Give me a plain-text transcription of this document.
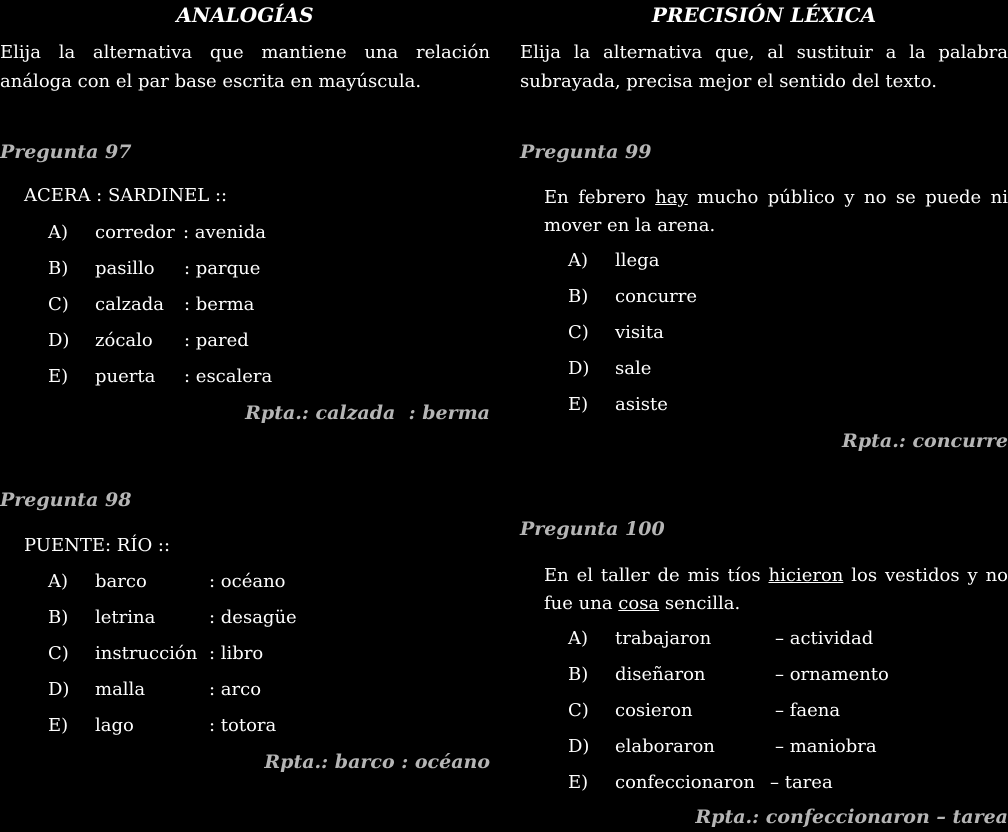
ANALOGÍAS
Elija la alternativa que mantiene una relación análoga con el par base escrita en mayúscula.
Pregunta 97
ACERA : SARDINEL ::
A) corredor : avenida
B) pasillo : parque
C) calzada : berma
D) zócalo : pared
E) puerta : escalera
Rpta.: calzada  : berma
Pregunta 98
PUENTE: RÍO ::
A) barco	: océano
B) letrina	: desagüe
C) instrucción : libro
D) malla	: arco
E) lago	: totora
Rpta.: barco : océano
PRECISIÓN LÉXICA
Elija la alternativa que, al sustituir a la palabra subrayada, precisa mejor el sentido del texto.
Pregunta 99
En febrero hay mucho público y no se puede ni mover en la arena.
A) llega
B) concurre
C) visita
D) sale
E) asiste
Rpta.: concurre
Pregunta 100
En el taller de mis tíos hicieron los vestidos y no fue una cosa sencilla.
A) trabajaron	– actividad
B) diseñaron	– ornamento
C) cosieron	– faena
D) elaboraron	– maniobra
E) confeccionaron – tarea
Rpta.: confeccionaron – tarea
